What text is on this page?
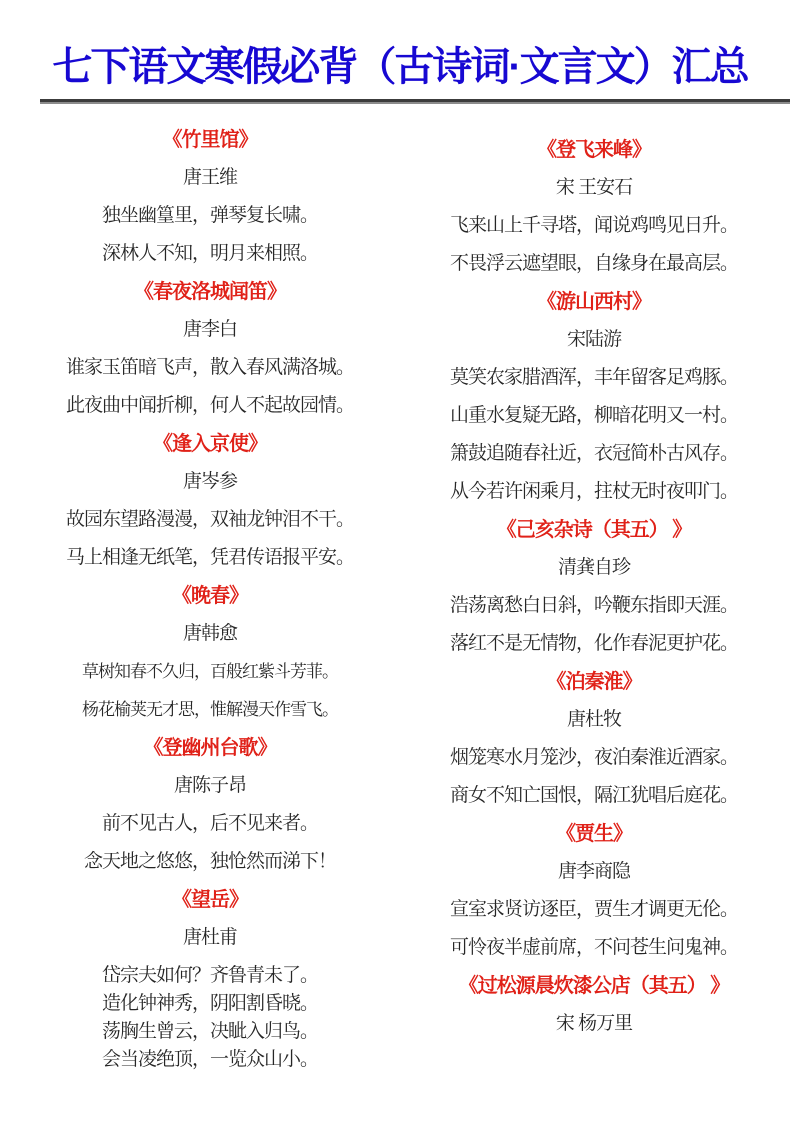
七下语文寒假必背（古诗词·文言文）汇总
《竹里馆》
唐王维
独坐幽篁里，弹琴复长啸。
深林人不知，明月来相照。
《春夜洛城闻笛》
唐李白
谁家玉笛暗飞声，散入春风满洛城。
此夜曲中闻折柳，何人不起故园情。
《逢入京使》
唐岑参
故园东望路漫漫，双袖龙钟泪不干。
马上相逢无纸笔，凭君传语报平安。
《晚春》
唐韩愈
草树知春不久归，百般红紫斗芳菲。
杨花榆荚无才思，惟解漫天作雪飞。
《登幽州台歌》
唐陈子昂
前不见古人，后不见来者。
念天地之悠悠，独怆然而涕下！
《望岳》
唐杜甫
岱宗夫如何？齐鲁青未了。
造化钟神秀，阴阳割昏晓。
荡胸生曾云，决眦入归鸟。
会当凌绝顶，一览众山小。
《登飞来峰》
宋 王安石
飞来山上千寻塔，闻说鸡鸣见日升。
不畏浮云遮望眼，自缘身在最高层。
《游山西村》
宋陆游
莫笑农家腊酒浑，丰年留客足鸡豚。
山重水复疑无路，柳暗花明又一村。
箫鼓追随春社近，衣冠简朴古风存。
从今若许闲乘月，拄杖无时夜叩门。
《己亥杂诗（其五） 》
清龚自珍
浩荡离愁白日斜，吟鞭东指即天涯。
落红不是无情物，化作春泥更护花。
《泊秦淮》
唐杜牧
烟笼寒水月笼沙，夜泊秦淮近酒家。
商女不知亡国恨，隔江犹唱后庭花。
《贾生》
唐李商隐
宣室求贤访逐臣，贾生才调更无伦。
可怜夜半虚前席，不问苍生问鬼神。
《过松源晨炊漆公店（其五） 》
宋 杨万里
